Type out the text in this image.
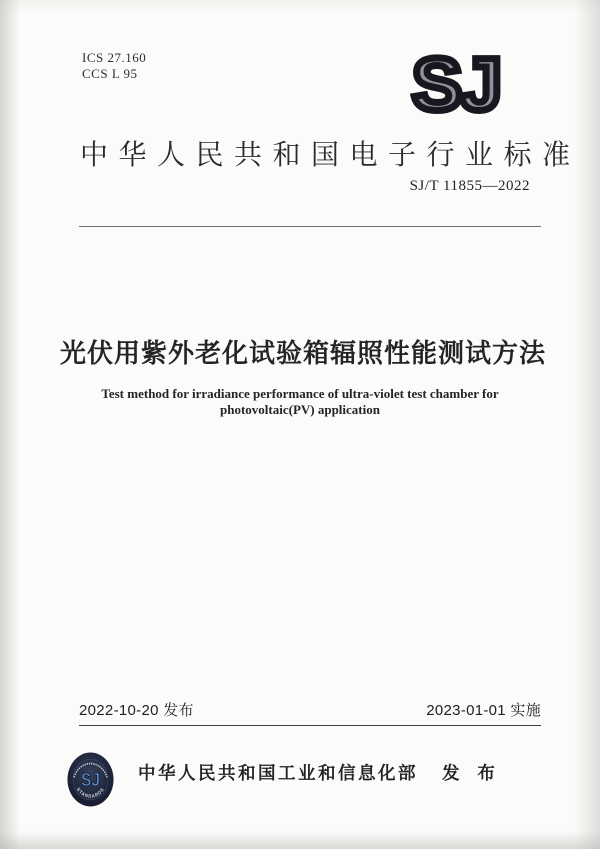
ICS 27.160
CCS L 95	SJ
中华人民共和国电子行业标准
SJ/T 11855—2022
光伏用紫外老化试验箱辐照性能测试方法
Test method for irradiance performance of ultra-violet test chamber for
photovoltaic(PV) application
2022-10-20 发布	2023-01-01 实施
STANDARDS
SJ 中华人民共和国工业和信息化部 发 布
